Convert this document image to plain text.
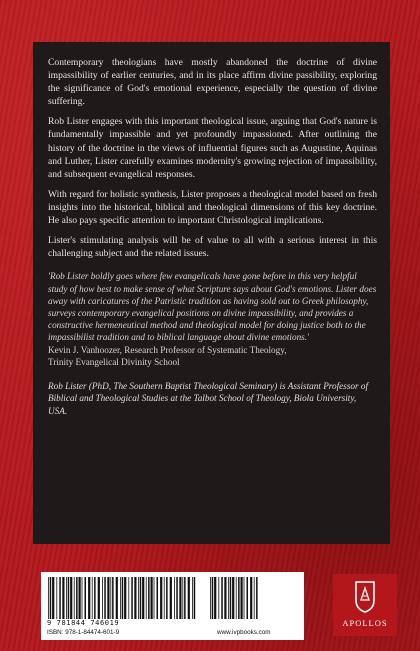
Contemporary theologians have mostly abandoned the doctrine of divine impassibility of earlier centuries, and in its place affirm divine passibility, exploring the significance of God's emotional experience, especially the question of divine suffering.

Rob Lister engages with this important theological issue, arguing that God's nature is fundamentally impassible and yet profoundly impassioned. After outlining the history of the doctrine in the views of influential figures such as Augustine, Aquinas and Luther, Lister carefully examines modernity's growing rejection of impassibility, and subsequent evangelical responses.

With regard for holistic synthesis, Lister proposes a theological model based on fresh insights into the historical, biblical and theological dimensions of this key doctrine. He also pays specific attention to important Christological implications.

Lister's stimulating analysis will be of value to all with a serious interest in this challenging subject and the related issues.

'Rob Lister boldly goes where few evangelicals have gone before in this very helpful study of how best to make sense of what Scripture says about God's emotions. Lister does away with caricatures of the Patristic tradition as having sold out to Greek philosophy, surveys contemporary evangelical positions on divine impassibility, and provides a constructive hermeneutical method and theological model for doing justice both to the impassibilist tradition and to biblical language about divine emotions.'

Kevin J. Vanhoozer, Research Professor of Systematic Theology,

Trinity Evangelical Divinity School

Rob Lister (PhD, The Southern Baptist Theological Seminary) is Assistant Professor of Biblical and Theological Studies at the Talbot School of Theology, Biola University, USA.

9 781844 746019
ISBN: 978-1-84474-601-9	www.ivpbooks.com
APOLLOS
